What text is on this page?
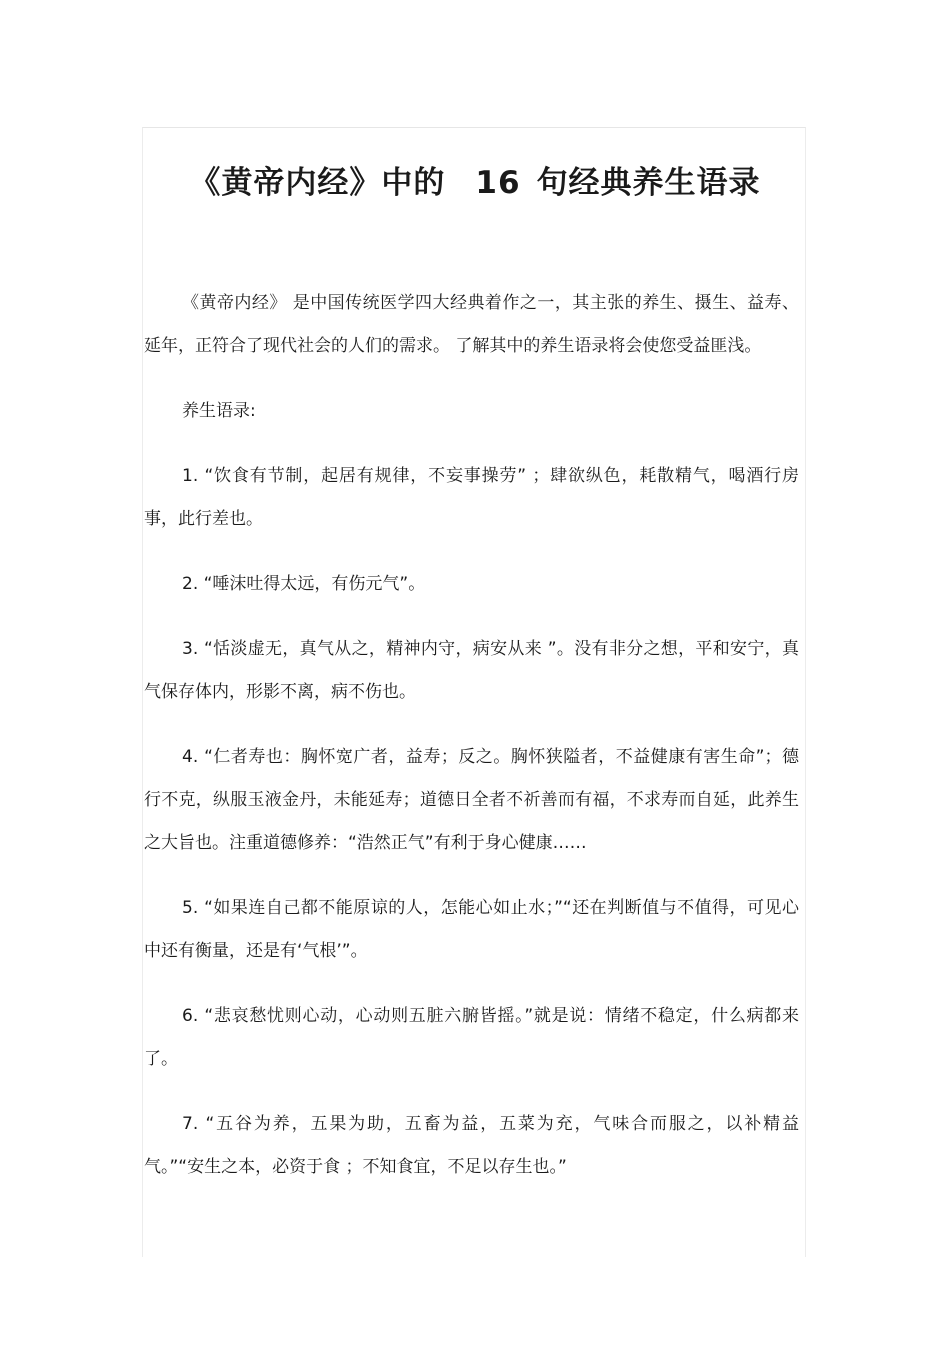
《黄帝内经》中的 16 句经典养生语录

《黄帝内经》 是中国传统医学四大经典着作之一，其主张的养生、摄生、益寿、延年，正符合了现代社会的人们的需求。 了解其中的养生语录将会使您受益匪浅。

养生语录:

1. “饮食有节制，起居有规律，不妄事操劳” ；肆欲纵色，耗散精气，喝酒行房事，此行差也。

2. “唾沫吐得太远，有伤元气”。

3. “恬淡虚无，真气从之，精神内守，病安从来 ”。没有非分之想，平和安宁，真气保存体内，形影不离，病不伤也。

4. “仁者寿也：胸怀宽广者，益寿；反之。胸怀狭隘者，不益健康有害生命”；德行不克，纵服玉液金丹，未能延寿；道德日全者不祈善而有福，不求寿而自延，此养生之大旨也。注重道德修养：“浩然正气”有利于身心健康……

5. “如果连自己都不能原谅的人，怎能心如止水；”“还在判断值与不值得，可见心中还有衡量，还是有‘气根’”。

6. “悲哀愁忧则心动，心动则五脏六腑皆摇。”就是说：情绪不稳定，什么病都来了。

7. “五谷为养，五果为助，五畜为益，五菜为充，气味合而服之，以补精益气。”“安生之本，必资于食 ；不知食宜，不足以存生也。”
